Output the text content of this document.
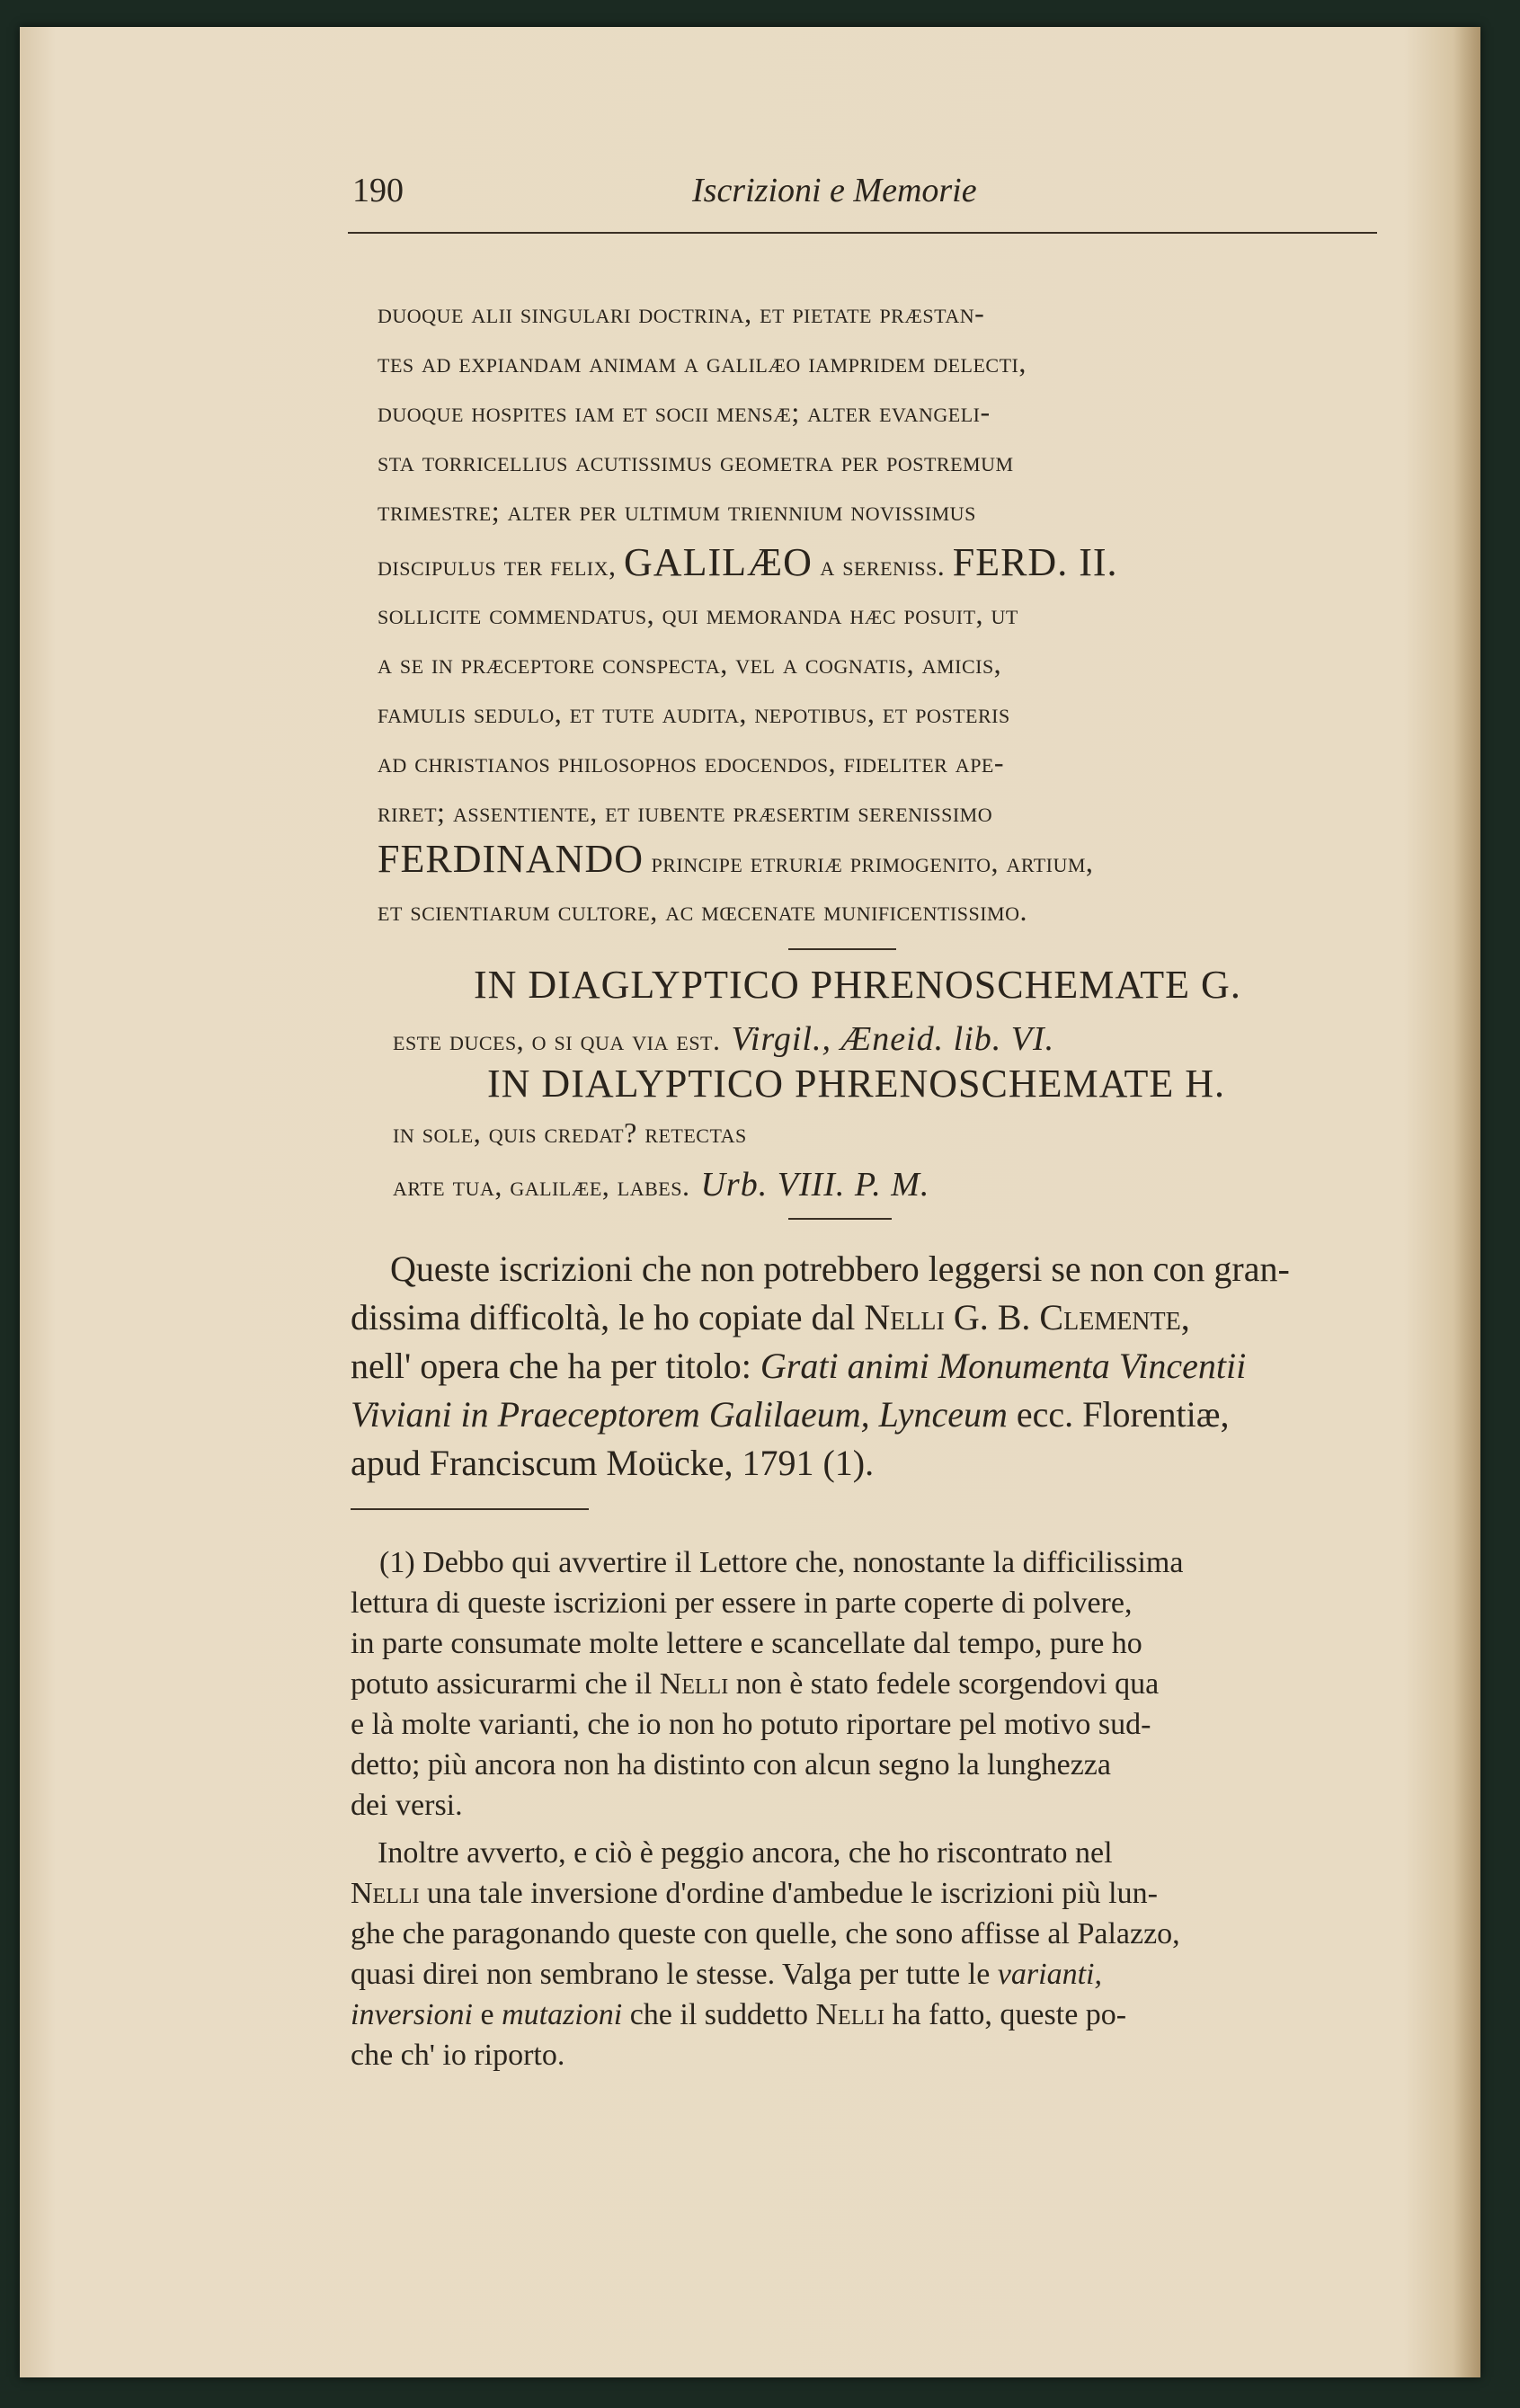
190	Iscrizioni e Memorie
duoque alii singulari doctrina, et pietate præstan-
tes ad expiandam animam a galilæo iampridem delecti,
duoque hospites iam et socii mensæ; alter evangeli-
sta torricellius acutissimus geometra per postremum
trimestre; alter per ultimum triennium novissimus
discipulus ter felix, GALILÆO a sereniss. FERD. II.
sollicite commendatus, qui memoranda hæc posuit, ut
a se in præceptore conspecta, vel a cognatis, amicis,
famulis sedulo, et tute audita, nepotibus, et posteris
ad christianos philosophos edocendos, fideliter ape-
riret; assentiente, et iubente præsertim serenissimo
FERDINANDO principe etruriæ primogenito, artium,
et scientiarum cultore, ac mœcenate munificentissimo.
IN DIAGLYPTICO PHRENOSCHEMATE G.
este duces, o si qua via est. Virgil., Æneid. lib. VI.
IN DIALYPTICO PHRENOSCHEMATE H.
in sole, quis credat? retectas
arte tua, galilæe, labes. Urb. VIII. P. M.
Queste iscrizioni che non potrebbero leggersi se non con gran-
dissima difficoltà, le ho copiate dal Nelli G. B. Clemente,
nell' opera che ha per titolo: Grati animi Monumenta Vincentii
Viviani in Praeceptorem Galilaeum, Lynceum ecc. Florentiæ,
apud Franciscum Moücke, 1791 (1).
(1) Debbo qui avvertire il Lettore che, nonostante la difficilissima
lettura di queste iscrizioni per essere in parte coperte di polvere,
in parte consumate molte lettere e scancellate dal tempo, pure ho
potuto assicurarmi che il Nelli non è stato fedele scorgendovi qua
e là molte varianti, che io non ho potuto riportare pel motivo sud-
detto; più ancora non ha distinto con alcun segno la lunghezza
dei versi.
Inoltre avverto, e ciò è peggio ancora, che ho riscontrato nel
Nelli una tale inversione d'ordine d'ambedue le iscrizioni più lun-
ghe che paragonando queste con quelle, che sono affisse al Palazzo,
quasi direi non sembrano le stesse. Valga per tutte le varianti,
inversioni e mutazioni che il suddetto Nelli ha fatto, queste po-
che ch' io riporto.
